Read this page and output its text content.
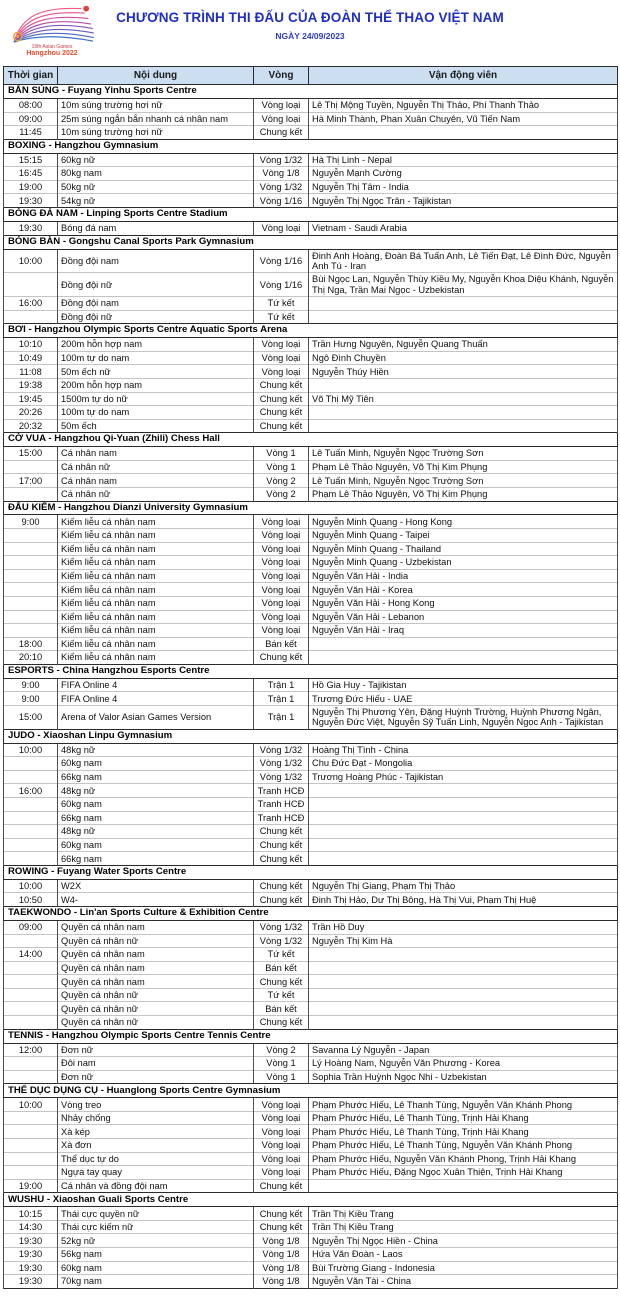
19th Asian Games
Hangzhou 2022
CHƯƠNG TRÌNH THI ĐẤU CỦA ĐOÀN THỂ THAO VIỆT NAM
NGÀY 24/09/2023
Thời gian	Nội dung	Vòng	Vận động viên
BẮN SÚNG - Fuyang Yinhu Sports Centre			
08:00	10m súng trường hơi nữ	Vòng loại	Lê Thị Mộng Tuyền, Nguyễn Thị Thảo, Phí Thanh Thảo
09:00	25m súng ngắn bắn nhanh cá nhân nam	Vòng loại	Hà Minh Thành, Phan Xuân Chuyên, Vũ Tiến Nam
11:45	10m súng trường hơi nữ	Chung kết	
BOXING - Hangzhou Gymnasium			
15:15	60kg nữ	Vòng 1/32	Hà Thị Linh - Nepal
16:45	80kg nam	Vòng 1/8	Nguyễn Mạnh Cường
19:00	50kg nữ	Vòng 1/32	Nguyễn Thị Tâm - India
19:30	54kg nữ	Vòng 1/16	Nguyễn Thị Ngọc Trân - Tajikistan
BÓNG ĐÁ NAM - Linping Sports Centre Stadium			
19:30	Bóng đá nam	Vòng loại	Vietnam - Saudi Arabia
BÓNG BÀN - Gongshu Canal Sports Park Gymnasium			
10:00	Đồng đội nam	Vòng 1/16	Đinh Anh Hoàng, Đoàn Bá Tuấn Anh, Lê Tiến Đạt, Lê Đình Đức, Nguyễn Anh Tú - Iran
	Đồng đội nữ	Vòng 1/16	Bùi Ngọc Lan, Nguyễn Thùy Kiều My, Nguyễn Khoa Diệu Khánh, Nguyễn Thị Nga, Trần Mai Ngọc - Uzbekistan
16:00	Đồng đội nam	Tứ kết	
	Đồng đội nữ	Tứ kết	
BƠI - Hangzhou Olympic Sports Centre Aquatic Sports Arena			
10:10	200m hỗn hợp nam	Vòng loại	Trần Hưng Nguyên, Nguyễn Quang Thuấn
10:49	100m tự do nam	Vòng loại	Ngô Đình Chuyền
11:08	50m ếch nữ	Vòng loại	Nguyễn Thúy Hiền
19:38	200m hỗn hợp nam	Chung kết	
19:45	1500m tự do nữ	Chung kết	Võ Thị Mỹ Tiên
20:26	100m tự do nam	Chung kết	
20:32	50m ếch	Chung kết	
CỜ VUA - Hangzhou Qi-Yuan (Zhili) Chess Hall			
15:00	Cá nhân nam	Vòng 1	Lê Tuấn Minh, Nguyễn Ngọc Trường Sơn
	Cá nhân nữ	Vòng 1	Phạm Lê Thảo Nguyên, Võ Thị Kim Phụng
17:00	Cá nhân nam	Vòng 2	Lê Tuấn Minh, Nguyễn Ngọc Trường Sơn
	Cá nhân nữ	Vòng 2	Phạm Lê Thảo Nguyên, Võ Thị Kim Phụng
ĐẤU KIẾM - Hangzhou Dianzi University Gymnasium			
9:00	Kiếm liễu cá nhân nam	Vòng loại	Nguyễn Minh Quang - Hong Kong
	Kiếm liễu cá nhân nam	Vòng loại	Nguyễn Minh Quang - Taipei
	Kiếm liễu cá nhân nam	Vòng loại	Nguyễn Minh Quang - Thailand
	Kiếm liễu cá nhân nam	Vòng loại	Nguyễn Minh Quang - Uzbekistan
	Kiếm liễu cá nhân nam	Vòng loại	Nguyễn Văn Hải - India
	Kiếm liễu cá nhân nam	Vòng loại	Nguyễn Văn Hải - Korea
	Kiếm liễu cá nhân nam	Vòng loại	Nguyễn Văn Hải - Hong Kong
	Kiếm liễu cá nhân nam	Vòng loại	Nguyễn Văn Hải - Lebanon
	Kiếm liễu cá nhân nam	Vòng loại	Nguyễn Văn Hải - Iraq
18:00	Kiếm liễu cá nhân nam	Bán kết	
20:10	Kiếm liễu cá nhân nam	Chung kết	
ESPORTS - China Hangzhou Esports Centre			
9:00	FIFA Online 4	Trận 1	Hồ Gia Huy - Tajikistan
9:00	FIFA Online 4	Trận 1	Trương Đức Hiếu - UAE
15:00	Arena of Valor Asian Games Version	Trận 1	Nguyễn Thị Phương Yên, Đặng Huỳnh Trường, Huỳnh Phương Ngân, Nguyễn Đức Việt, Nguyễn Sỹ Tuấn Linh, Nguyễn Ngọc Anh - Tajikistan
JUDO - Xiaoshan Linpu Gymnasium			
10:00	48kg nữ	Vòng 1/32	Hoàng Thị Tình - China
	60kg nam	Vòng 1/32	Chu Đức Đạt - Mongolia
	66kg nam	Vòng 1/32	Trương Hoàng Phúc - Tajikistan
16:00	48kg nữ	Tranh HCĐ	
	60kg nam	Tranh HCĐ	
	66kg nam	Tranh HCĐ	
	48kg nữ	Chung kết	
	60kg nam	Chung kết	
	66kg nam	Chung kết	
ROWING - Fuyang Water Sports Centre			
10:00	W2X	Chung kết	Nguyễn Thị Giang, Phạm Thị Thảo
10:50	W4-	Chung kết	Đinh Thị Hảo, Dư Thị Bông, Hà Thị Vui, Phạm Thị Huệ
TAEKWONDO - Lin'an Sports Culture & Exhibition Centre			
09:00	Quyền cá nhân nam	Vòng 1/32	Trần Hồ Duy
	Quyền cá nhân nữ	Vòng 1/32	Nguyễn Thị Kim Hà
14:00	Quyền cá nhân nam	Tứ kết	
	Quyền cá nhân nam	Bán kết	
	Quyền cá nhân nam	Chung kết	
	Quyền cá nhân nữ	Tứ kết	
	Quyền cá nhân nữ	Bán kết	
	Quyền cá nhân nữ	Chung kết	
TENNIS - Hangzhou Olympic Sports Centre Tennis Centre			
12:00	Đơn nữ	Vòng 2	Savanna Lý Nguyễn - Japan
	Đôi nam	Vòng 1	Lý Hoàng Nam, Nguyễn Văn Phương - Korea
	Đơn nữ	Vòng 1	Sophia Trần Huỳnh Ngọc Nhi - Uzbekistan
THỂ DỤC DỤNG CỤ - Huanglong Sports Centre Gymnasium			
10:00	Vòng treo	Vòng loại	Phạm Phước Hiếu, Lê Thanh Tùng, Nguyễn Văn Khánh Phong
	Nhảy chống	Vòng loại	Phạm Phước Hiếu, Lê Thanh Tùng, Trịnh Hải Khang
	Xà kép	Vòng loại	Phạm Phước Hiếu, Lê Thanh Tùng, Trịnh Hải Khang
	Xà đơn	Vòng loại	Phạm Phước Hiếu, Lê Thanh Tùng, Nguyễn Văn Khánh Phong
	Thể dục tự do	Vòng loại	Phạm Phước Hiếu, Nguyễn Văn Khánh Phong, Trịnh Hải Khang
	Ngựa tay quay	Vòng loại	Phạm Phước Hiếu, Đặng Ngọc Xuân Thiện, Trịnh Hải Khang
19:00	Cá nhân và đồng đội nam	Chung kết	
WUSHU - Xiaoshan Guali Sports Centre			
10:15	Thái cực quyền nữ	Chung kết	Trần Thị Kiều Trang
14:30	Thái cực kiếm nữ	Chung kết	Trần Thị Kiều Trang
19:30	52kg nữ	Vòng 1/8	Nguyễn Thị Ngọc Hiền - China
19:30	56kg nam	Vòng 1/8	Hứa Văn Đoàn - Laos
19:30	60kg nam	Vòng 1/8	Bùi Trường Giang - Indonesia
19:30	70kg nam	Vòng 1/8	Nguyễn Văn Tài - China
